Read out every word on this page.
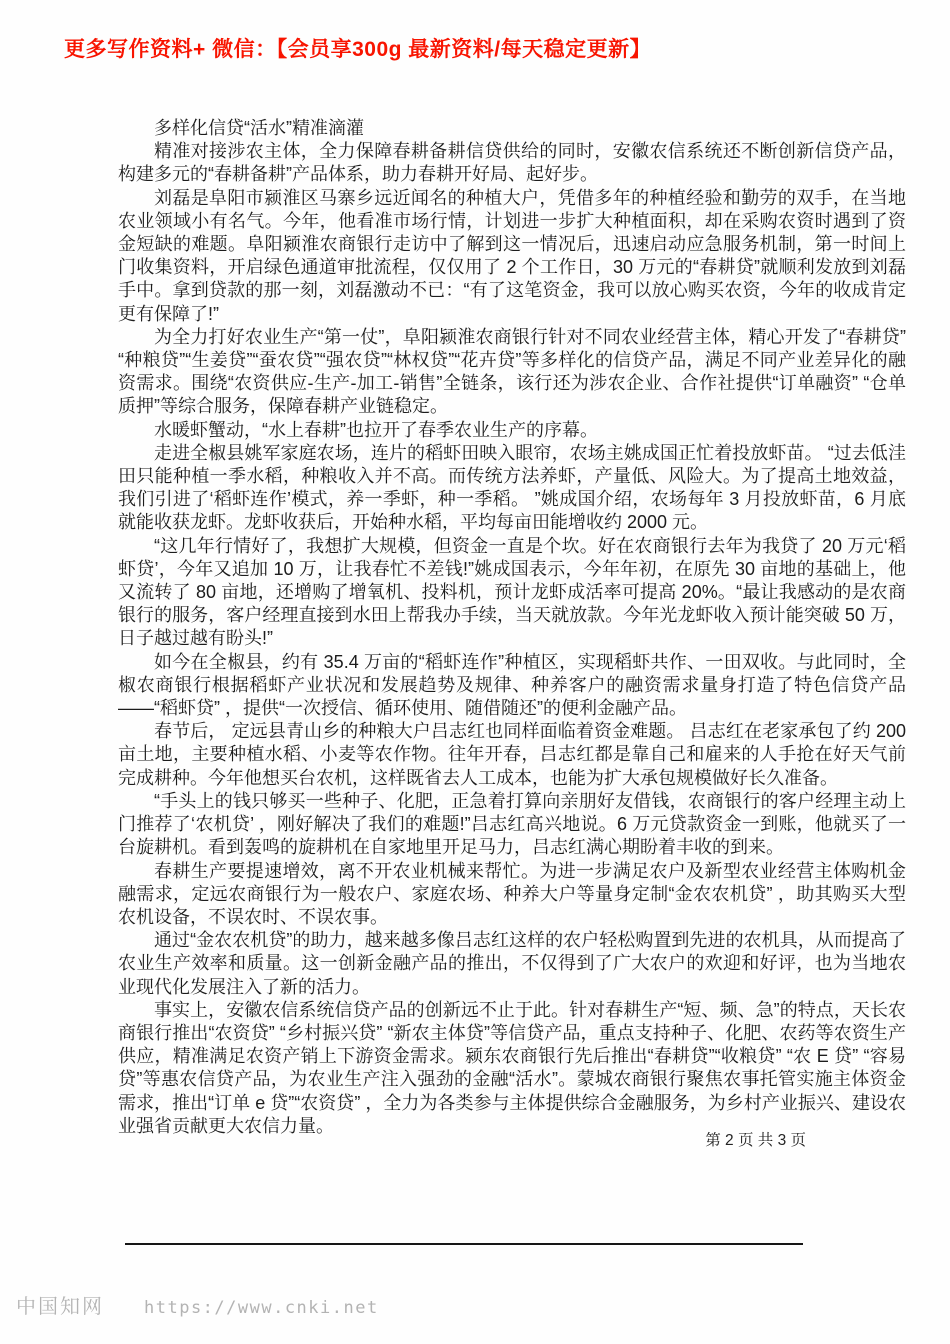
更多写作资料+ 微信：【会员享300g 最新资料/每天稳定更新】

多样化信贷“活水”精准滴灌

精准对接涉农主体，全力保障春耕备耕信贷供给的同时，安徽农信系统还不断创新信贷产品，构建多元的“春耕备耕”产品体系，助力春耕开好局、起好步。

刘磊是阜阳市颍淮区马寨乡远近闻名的种植大户，凭借多年的种植经验和勤劳的双手，在当地农业领域小有名气。今年，他看准市场行情，计划进一步扩大种植面积，却在采购农资时遇到了资金短缺的难题。阜阳颍淮农商银行走访中了解到这一情况后，迅速启动应急服务机制，第一时间上门收集资料，开启绿色通道审批流程，仅仅用了 2 个工作日，30 万元的“春耕贷”就顺利发放到刘磊手中。拿到贷款的那一刻，刘磊激动不已：“有了这笔资金，我可以放心购买农资，今年的收成肯定更有保障了!”

为全力打好农业生产“第一仗”，阜阳颍淮农商银行针对不同农业经营主体，精心开发了“春耕贷”“种粮贷”“生姜贷”“蚕农贷”“强农贷”“林权贷”“花卉贷”等多样化的信贷产品，满足不同产业差异化的融资需求。围绕“农资供应-生产-加工-销售”全链条，该行还为涉农企业、合作社提供“订单融资” “仓单质押”等综合服务，保障春耕产业链稳定。

水暖虾蟹动，“水上春耕”也拉开了春季农业生产的序幕。

走进全椒县姚军家庭农场，连片的稻虾田映入眼帘，农场主姚成国正忙着投放虾苗。 “过去低洼田只能种植一季水稻，种粮收入并不高。而传统方法养虾，产量低、风险大。为了提高土地效益，我们引进了‘稻虾连作’模式，养一季虾，种一季稻。 ”姚成国介绍，农场每年 3 月投放虾苗，6 月底就能收获龙虾。龙虾收获后，开始种水稻，平均每亩田能增收约 2000 元。

“这几年行情好了，我想扩大规模，但资金一直是个坎。好在农商银行去年为我贷了 20 万元‘稻虾贷’，今年又追加 10 万，让我春忙不差钱!”姚成国表示，今年年初，在原先 30 亩地的基础上，他又流转了 80 亩地，还增购了增氧机、投料机，预计龙虾成活率可提高 20%。“最让我感动的是农商银行的服务，客户经理直接到水田上帮我办手续，当天就放款。今年光龙虾收入预计能突破 50 万，日子越过越有盼头!”

如今在全椒县，约有 35.4 万亩的“稻虾连作”种植区，实现稻虾共作、一田双收。与此同时，全椒农商银行根据稻虾产业状况和发展趋势及规律、种养客户的融资需求量身打造了特色信贷产品——“稻虾贷” ，提供“一次授信、循环使用、随借随还”的便利金融产品。

春节后， 定远县青山乡的种粮大户吕志红也同样面临着资金难题。 吕志红在老家承包了约 200 亩土地，主要种植水稻、小麦等农作物。往年开春，吕志红都是靠自己和雇来的人手抢在好天气前完成耕种。今年他想买台农机，这样既省去人工成本，也能为扩大承包规模做好长久准备。

“手头上的钱只够买一些种子、化肥，正急着打算向亲朋好友借钱，农商银行的客户经理主动上门推荐了‘农机贷’ ，刚好解决了我们的难题!”吕志红高兴地说。6 万元贷款资金一到账，他就买了一台旋耕机。看到轰鸣的旋耕机在自家地里开足马力，吕志红满心期盼着丰收的到来。

春耕生产要提速增效，离不开农业机械来帮忙。为进一步满足农户及新型农业经营主体购机金融需求，定远农商银行为一般农户、家庭农场、种养大户等量身定制“金农农机贷” ，助其购买大型农机设备，不误农时、不误农事。

通过“金农农机贷”的助力，越来越多像吕志红这样的农户轻松购置到先进的农机具，从而提高了农业生产效率和质量。这一创新金融产品的推出，不仅得到了广大农户的欢迎和好评，也为当地农业现代化发展注入了新的活力。

事实上，安徽农信系统信贷产品的创新远不止于此。针对春耕生产“短、频、急”的特点，天长农商银行推出“农资贷” “乡村振兴贷” “新农主体贷”等信贷产品，重点支持种子、化肥、农药等农资生产供应，精准满足农资产销上下游资金需求。颍东农商银行先后推出“春耕贷”“收粮贷” “农 E 贷” “容易贷”等惠农信贷产品，为农业生产注入强劲的金融“活水”。蒙城农商银行聚焦农事托管实施主体资金需求，推出“订单 e 贷”“农资贷” ，全力为各类参与主体提供综合金融服务，为乡村产业振兴、建设农业强省贡献更大农信力量。

第 2 页 共 3 页
中国知网 https://www.cnki.net
